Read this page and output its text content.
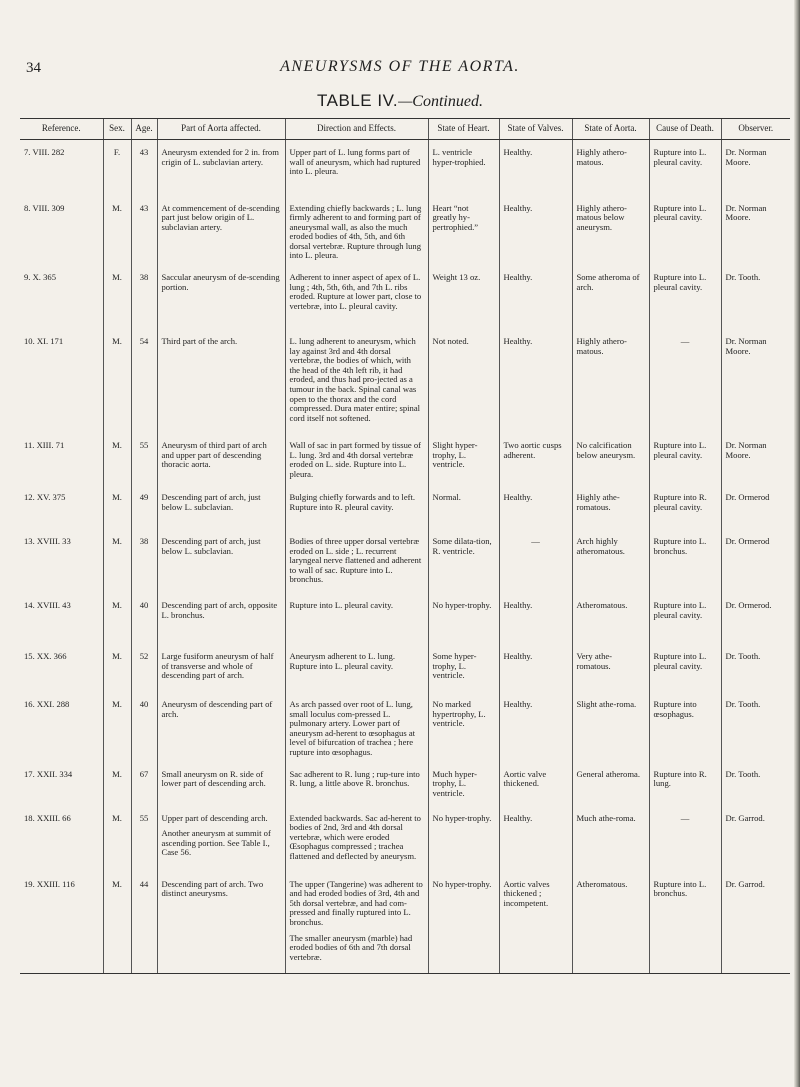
34	ANEURYSMS OF THE AORTA.
TABLE IV.—Continued.
Reference.	Sex.	Age.	Part of Aorta affected.	Direction and Effects.	State of Heart.	State of Valves.	State of Aorta.	Cause of Death.	Observer.

7. VIII. 282	F.	43	Aneurysm extended for 2 in. from crigin of L. subclavian artery.	Upper part of L. lung forms part of wall of aneurysm, which had ruptured into L. pleura.	L. ventricle hyper-trophied.	Healthy.	Highly athero-matous.	Rupture into L. pleural cavity.	Dr. Norman Moore.

8. VIII. 309	M.	43	At commencement of de-scending part just below origin of L. subclavian artery.	Extending chiefly backwards ; L. lung firmly adherent to and forming part of aneurysmal wall, as also the much eroded bodies of 4th, 5th, and 6th dorsal vertebræ. Rupture through lung into L. pleura.	Heart “not greatly hy-pertrophied.”	Healthy.	Highly athero-matous below aneurysm.	Rupture into L. pleural cavity.	Dr. Norman Moore.

9. X. 365	M.	38	Saccular aneurysm of de-scending portion.	Adherent to inner aspect of apex of L. lung ; 4th, 5th, 6th, and 7th L. ribs eroded. Rupture at lower part, close to vertebræ, into L. pleural cavity.	Weight 13 oz.	Healthy.	Some atheroma of arch.	Rupture into L. pleural cavity.	Dr. Tooth.

10. XI. 171	M.	54	Third part of the arch.	L. lung adherent to aneurysm, which lay against 3rd and 4th dorsal vertebræ, the bodies of which, with the head of the 4th left rib, it had eroded, and thus had pro-jected as a tumour in the back. Spinal canal was open to the thorax and the cord compressed. Dura mater entire; spinal cord itself not softened.	Not noted.	Healthy.	Highly athero-matous.	—	Dr. Norman Moore.

11. XIII. 71	M.	55	Aneurysm of third part of arch and upper part of descending thoracic aorta.	Wall of sac in part formed by tissue of L. lung. 3rd and 4th dorsal vertebræ eroded on L. side. Rupture into L. pleura.	Slight hyper-trophy, L. ventricle.	Two aortic cusps adherent.	No calcification below aneurysm.	Rupture into L. pleural cavity.	Dr. Norman Moore.

12. XV. 375	M.	49	Descending part of arch, just below L. subclavian.	Bulging chiefly forwards and to left. Rupture into R. pleural cavity.	Normal.	Healthy.	Highly athe-romatous.	Rupture into R. pleural cavity.	Dr. Ormerod

13. XVIII. 33	M.	38	Descending part of arch, just below L. subclavian.	Bodies of three upper dorsal vertebræ eroded on L. side ; L. recurrent laryngeal nerve flattened and adherent to wall of sac. Rupture into L. bronchus.	Some dilata-tion, R. ventricle.	—	Arch highly atheromatous.	Rupture into L. bronchus.	Dr. Ormerod

14. XVIII. 43	M.	40	Descending part of arch, opposite L. bronchus.	Rupture into L. pleural cavity.	No hyper-trophy.	Healthy.	Atheromatous.	Rupture into L. pleural cavity.	Dr. Ormerod.

15. XX. 366	M.	52	Large fusiform aneurysm of half of transverse and whole of descending part of arch.	Aneurysm adherent to L. lung. Rupture into L. pleural cavity.	Some hyper-trophy, L. ventricle.	Healthy.	Very athe-romatous.	Rupture into L. pleural cavity.	Dr. Tooth.

16. XXI. 288	M.	40	Aneurysm of descending part of arch.	As arch passed over root of L. lung, small loculus com-pressed L. pulmonary artery. Lower part of aneurysm ad-herent to œsophagus at level of bifurcation of trachea ; here rupture into œsophagus.	No marked hypertrophy, L. ventricle.	Healthy.	Slight athe-roma.	Rupture into œsophagus.	Dr. Tooth.

17. XXII. 334	M.	67	Small aneurysm on R. side of lower part of descending arch.	Sac adherent to R. lung ; rup-ture into R. lung, a little above R. bronchus.	Much hyper-trophy, L. ventricle.	Aortic valve thickened.	General atheroma.	Rupture into R. lung.	Dr. Tooth.

18. XXIII. 66	M.	55	Upper part of descending arch.
Another aneurysm at summit of ascending portion. See Table I., Case 56.	Extended backwards. Sac ad-herent to bodies of 2nd, 3rd and 4th dorsal vertebræ, which were eroded Œsophagus compressed ; trachea flattened and deflected by aneurysm.	No hyper-trophy.	Healthy.	Much athe-roma.	—	Dr. Garrod.

19. XXIII. 116	M.	44	Descending part of arch. Two distinct aneurysms.	The upper (Tangerine) was adherent to and had eroded bodies of 3rd, 4th and 5th dorsal vertebræ, and had com-pressed and finally ruptured into L. bronchus.
The smaller aneurysm (marble) had eroded bodies of 6th and 7th dorsal vertebræ.	No hyper-trophy.	Aortic valves thickened ; incompetent.	Atheromatous.	Rupture into L. bronchus.	Dr. Garrod.
